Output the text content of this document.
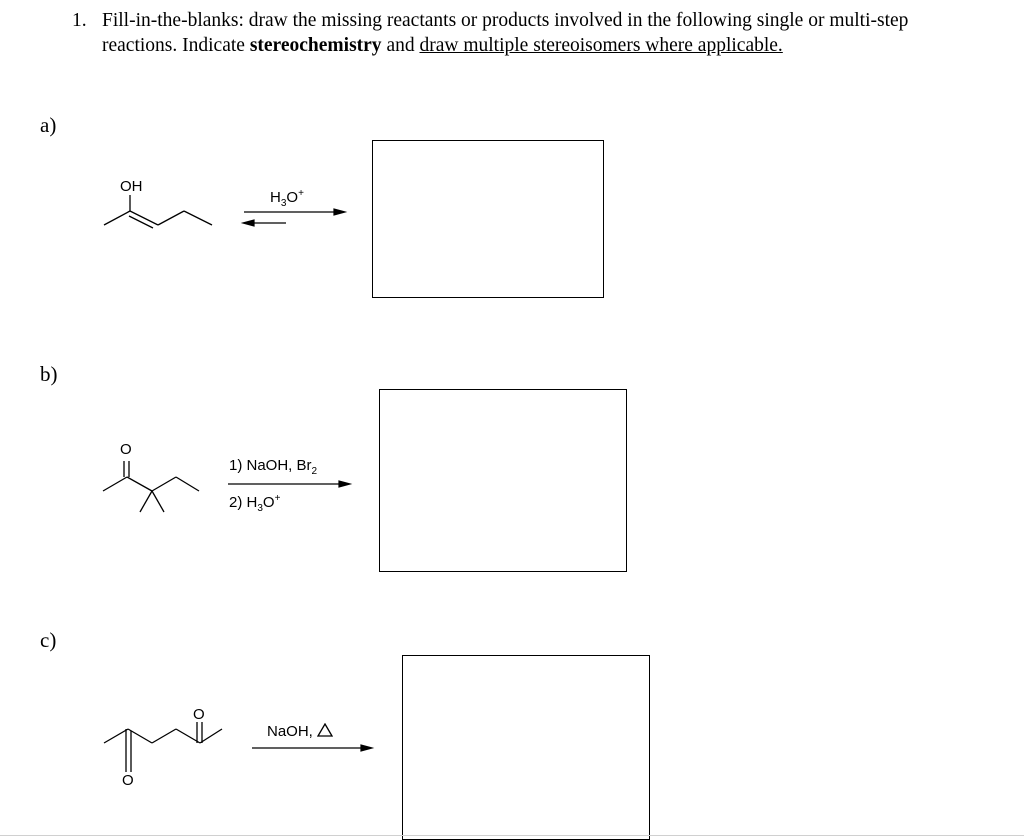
1. Fill-in-the-blanks: draw the missing reactants or products involved in the following single or multi-step reactions. Indicate stereochemistry and draw multiple stereoisomers where applicable.
a)
OH
$H_3O^+$
b)
O
1) NaOH, $Br_2$
2) $H_3O^+$
c)
O
O
NaOH,
